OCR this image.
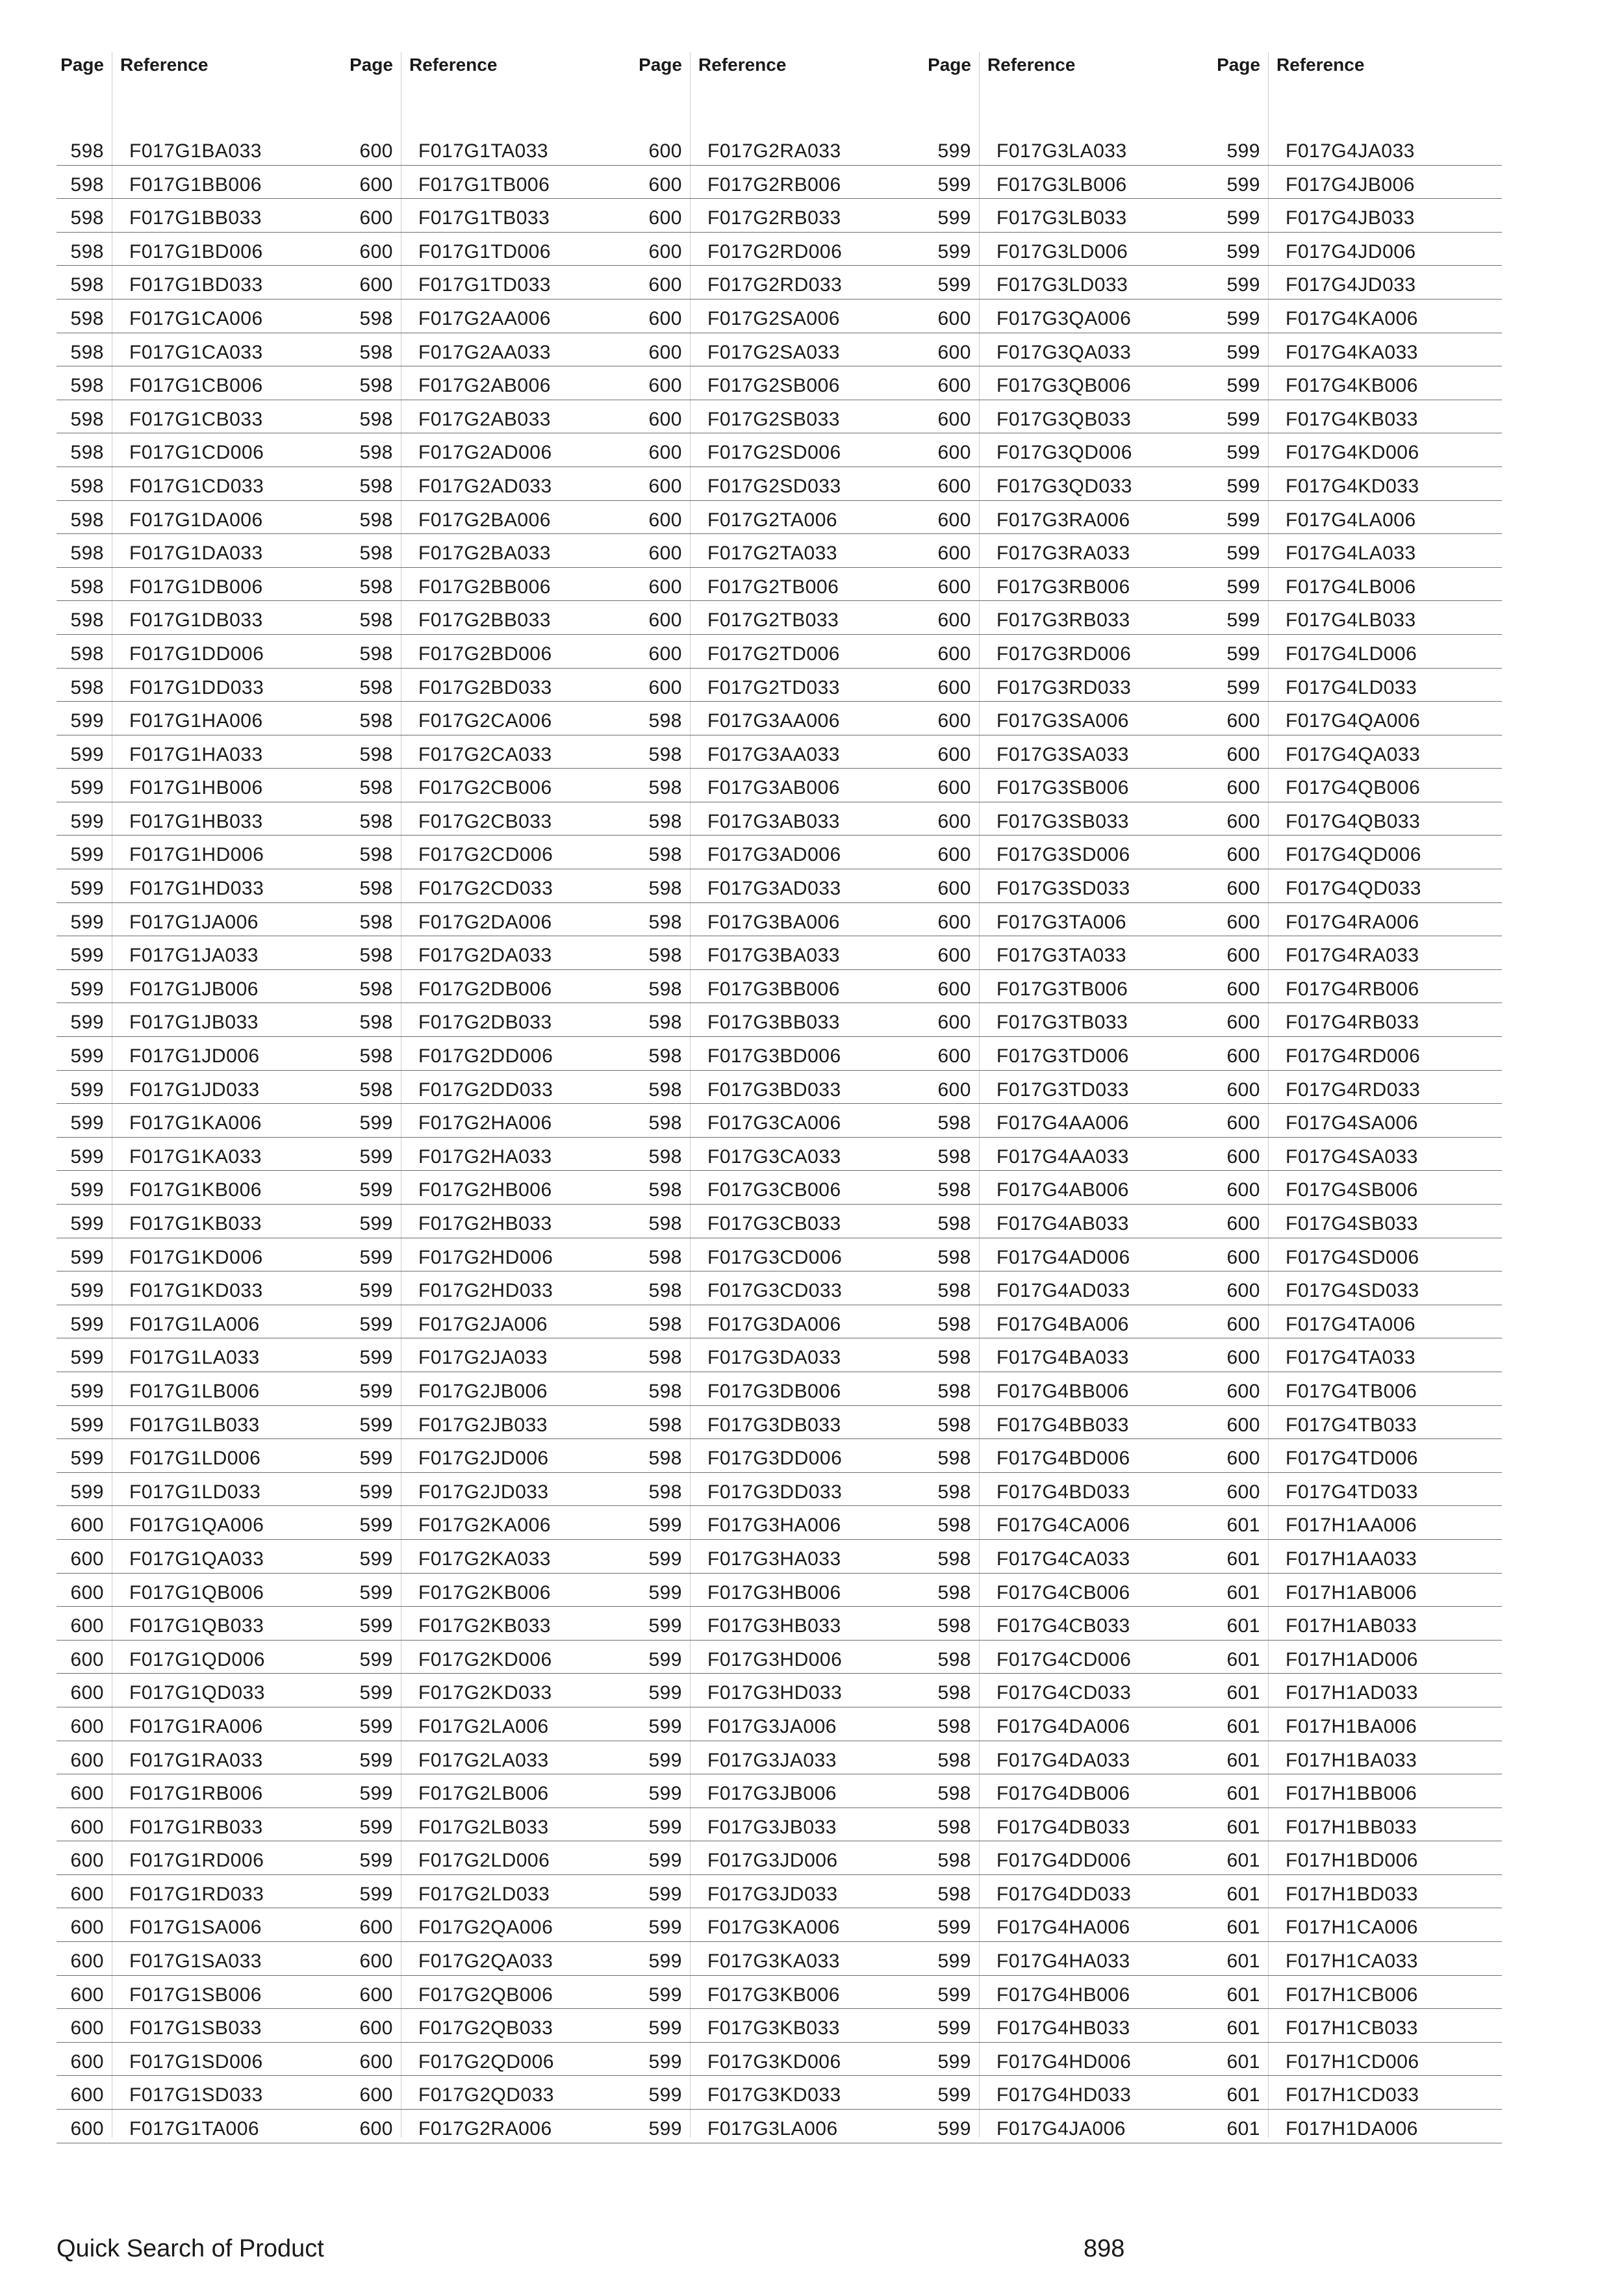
Page Reference
598 F017G1BA033
598 F017G1BB006
598 F017G1BB033
598 F017G1BD006
598 F017G1BD033
598 F017G1CA006
598 F017G1CA033
598 F017G1CB006
598 F017G1CB033
598 F017G1CD006
598 F017G1CD033
598 F017G1DA006
598 F017G1DA033
598 F017G1DB006
598 F017G1DB033
598 F017G1DD006
598 F017G1DD033
599 F017G1HA006
599 F017G1HA033
599 F017G1HB006
599 F017G1HB033
599 F017G1HD006
599 F017G1HD033
599 F017G1JA006
599 F017G1JA033
599 F017G1JB006
599 F017G1JB033
599 F017G1JD006
599 F017G1JD033
599 F017G1KA006
599 F017G1KA033
599 F017G1KB006
599 F017G1KB033
599 F017G1KD006
599 F017G1KD033
599 F017G1LA006
599 F017G1LA033
599 F017G1LB006
599 F017G1LB033
599 F017G1LD006
599 F017G1LD033
600 F017G1QA006
600 F017G1QA033
600 F017G1QB006
600 F017G1QB033
600 F017G1QD006
600 F017G1QD033
600 F017G1RA006
600 F017G1RA033
600 F017G1RB006
600 F017G1RB033
600 F017G1RD006
600 F017G1RD033
600 F017G1SA006
600 F017G1SA033
600 F017G1SB006
600 F017G1SB033
600 F017G1SD006
600 F017G1SD033
600 F017G1TA006
Page Reference
600 F017G1TA033
600 F017G1TB006
600 F017G1TB033
600 F017G1TD006
600 F017G1TD033
598 F017G2AA006
598 F017G2AA033
598 F017G2AB006
598 F017G2AB033
598 F017G2AD006
598 F017G2AD033
598 F017G2BA006
598 F017G2BA033
598 F017G2BB006
598 F017G2BB033
598 F017G2BD006
598 F017G2BD033
598 F017G2CA006
598 F017G2CA033
598 F017G2CB006
598 F017G2CB033
598 F017G2CD006
598 F017G2CD033
598 F017G2DA006
598 F017G2DA033
598 F017G2DB006
598 F017G2DB033
598 F017G2DD006
598 F017G2DD033
599 F017G2HA006
599 F017G2HA033
599 F017G2HB006
599 F017G2HB033
599 F017G2HD006
599 F017G2HD033
599 F017G2JA006
599 F017G2JA033
599 F017G2JB006
599 F017G2JB033
599 F017G2JD006
599 F017G2JD033
599 F017G2KA006
599 F017G2KA033
599 F017G2KB006
599 F017G2KB033
599 F017G2KD006
599 F017G2KD033
599 F017G2LA006
599 F017G2LA033
599 F017G2LB006
599 F017G2LB033
599 F017G2LD006
599 F017G2LD033
600 F017G2QA006
600 F017G2QA033
600 F017G2QB006
600 F017G2QB033
600 F017G2QD006
600 F017G2QD033
600 F017G2RA006
Page Reference
600 F017G2RA033
600 F017G2RB006
600 F017G2RB033
600 F017G2RD006
600 F017G2RD033
600 F017G2SA006
600 F017G2SA033
600 F017G2SB006
600 F017G2SB033
600 F017G2SD006
600 F017G2SD033
600 F017G2TA006
600 F017G2TA033
600 F017G2TB006
600 F017G2TB033
600 F017G2TD006
600 F017G2TD033
598 F017G3AA006
598 F017G3AA033
598 F017G3AB006
598 F017G3AB033
598 F017G3AD006
598 F017G3AD033
598 F017G3BA006
598 F017G3BA033
598 F017G3BB006
598 F017G3BB033
598 F017G3BD006
598 F017G3BD033
598 F017G3CA006
598 F017G3CA033
598 F017G3CB006
598 F017G3CB033
598 F017G3CD006
598 F017G3CD033
598 F017G3DA006
598 F017G3DA033
598 F017G3DB006
598 F017G3DB033
598 F017G3DD006
598 F017G3DD033
599 F017G3HA006
599 F017G3HA033
599 F017G3HB006
599 F017G3HB033
599 F017G3HD006
599 F017G3HD033
599 F017G3JA006
599 F017G3JA033
599 F017G3JB006
599 F017G3JB033
599 F017G3JD006
599 F017G3JD033
599 F017G3KA006
599 F017G3KA033
599 F017G3KB006
599 F017G3KB033
599 F017G3KD006
599 F017G3KD033
599 F017G3LA006
Page Reference
599 F017G3LA033
599 F017G3LB006
599 F017G3LB033
599 F017G3LD006
599 F017G3LD033
600 F017G3QA006
600 F017G3QA033
600 F017G3QB006
600 F017G3QB033
600 F017G3QD006
600 F017G3QD033
600 F017G3RA006
600 F017G3RA033
600 F017G3RB006
600 F017G3RB033
600 F017G3RD006
600 F017G3RD033
600 F017G3SA006
600 F017G3SA033
600 F017G3SB006
600 F017G3SB033
600 F017G3SD006
600 F017G3SD033
600 F017G3TA006
600 F017G3TA033
600 F017G3TB006
600 F017G3TB033
600 F017G3TD006
600 F017G3TD033
598 F017G4AA006
598 F017G4AA033
598 F017G4AB006
598 F017G4AB033
598 F017G4AD006
598 F017G4AD033
598 F017G4BA006
598 F017G4BA033
598 F017G4BB006
598 F017G4BB033
598 F017G4BD006
598 F017G4BD033
598 F017G4CA006
598 F017G4CA033
598 F017G4CB006
598 F017G4CB033
598 F017G4CD006
598 F017G4CD033
598 F017G4DA006
598 F017G4DA033
598 F017G4DB006
598 F017G4DB033
598 F017G4DD006
598 F017G4DD033
599 F017G4HA006
599 F017G4HA033
599 F017G4HB006
599 F017G4HB033
599 F017G4HD006
599 F017G4HD033
599 F017G4JA006
Page Reference
599 F017G4JA033
599 F017G4JB006
599 F017G4JB033
599 F017G4JD006
599 F017G4JD033
599 F017G4KA006
599 F017G4KA033
599 F017G4KB006
599 F017G4KB033
599 F017G4KD006
599 F017G4KD033
599 F017G4LA006
599 F017G4LA033
599 F017G4LB006
599 F017G4LB033
599 F017G4LD006
599 F017G4LD033
600 F017G4QA006
600 F017G4QA033
600 F017G4QB006
600 F017G4QB033
600 F017G4QD006
600 F017G4QD033
600 F017G4RA006
600 F017G4RA033
600 F017G4RB006
600 F017G4RB033
600 F017G4RD006
600 F017G4RD033
600 F017G4SA006
600 F017G4SA033
600 F017G4SB006
600 F017G4SB033
600 F017G4SD006
600 F017G4SD033
600 F017G4TA006
600 F017G4TA033
600 F017G4TB006
600 F017G4TB033
600 F017G4TD006
600 F017G4TD033
601 F017H1AA006
601 F017H1AA033
601 F017H1AB006
601 F017H1AB033
601 F017H1AD006
601 F017H1AD033
601 F017H1BA006
601 F017H1BA033
601 F017H1BB006
601 F017H1BB033
601 F017H1BD006
601 F017H1BD033
601 F017H1CA006
601 F017H1CA033
601 F017H1CB006
601 F017H1CB033
601 F017H1CD006
601 F017H1CD033
601 F017H1DA006
Quick Search of Product	898
